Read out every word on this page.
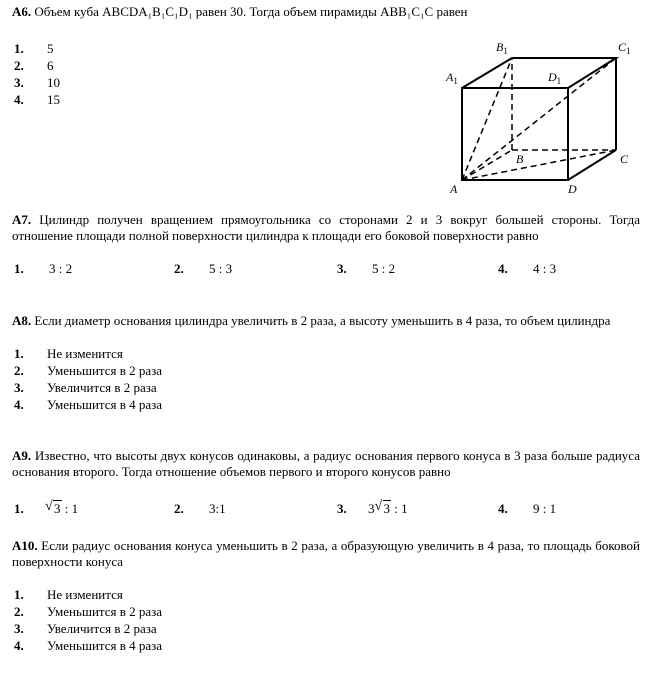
А6. Объем куба ABCDA₁B₁C₁D₁ равен 30. Тогда объем пирамиды ABB₁C₁C равен
1. 5
2. 6
3. 10
4. 15
A	D
B	C
$A_1$
$B_1$	$C_1$
$D_1$
А7. Цилиндр получен вращением прямоугольника со сторонами 2 и 3 вокруг большей стороны. Тогда отношение площади полной поверхности цилиндра к площади его боковой поверхности равно
1. 3 : 2	2. 5 : 3	3. 5 : 2	4. 4 : 3
А8. Если диаметр основания цилиндра увеличить в 2 раза, а высоту уменьшить в 4 раза, то объем цилиндра
1. Не изменится
2. Уменьшится в 2 раза
3. Увеличится в 2 раза
4. Уменьшится в 4 раза
А9. Известно, что высоты двух конусов одинаковы, а радиус основания первого конуса в 3 раза больше радиуса основания второго. Тогда отношение объемов первого и второго конусов равно
1. √ 3 : 1	2. 3:1	3. 3 √ 3 : 1	4. 9 : 1
А10. Если радиус основания конуса уменьшить в 2 раза, а образующую увеличить в 4 раза, то площадь боковой поверхности конуса
1. Не изменится
2. Уменьшится в 2 раза
3. Увеличится в 2 раза
4. Уменьшится в 4 раза
